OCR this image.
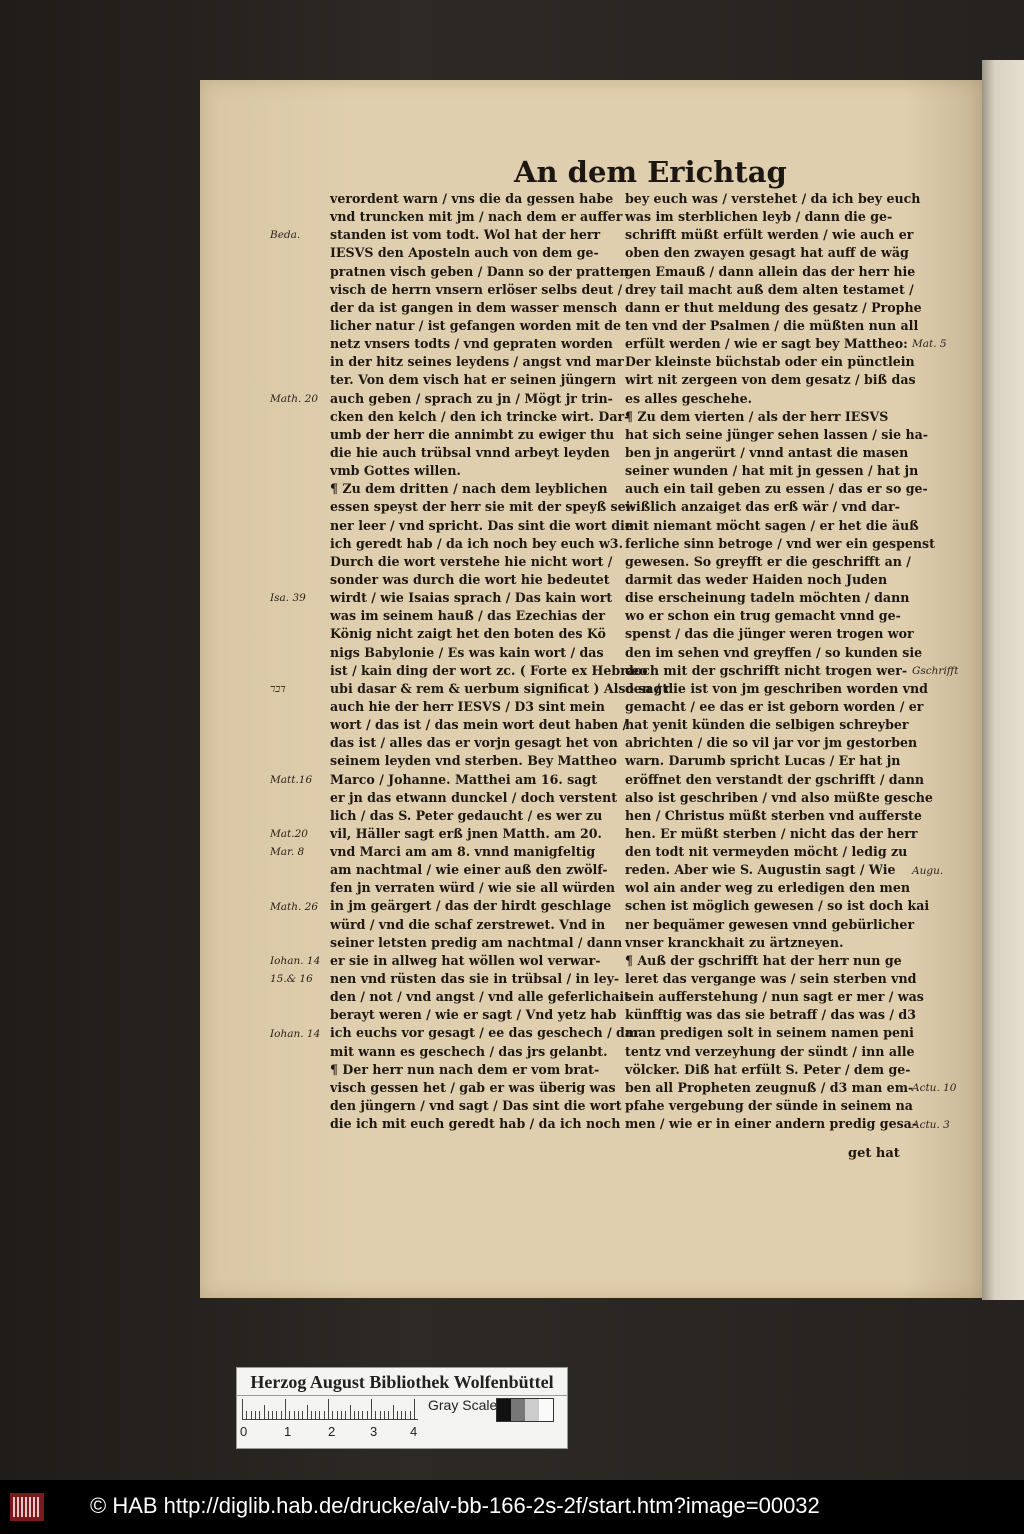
An dem Erichtag
verordent warn / vns die da gessen habe
vnd truncken mit jm / nach dem er auffer
standen ist vom todt. Wol hat der herr
IESVS den Aposteln auch von dem ge-
pratnen visch geben / Dann so der pratten
visch de herrn vnsern erlöser selbs deut /
der da ist gangen in dem wasser mensch
licher natur / ist gefangen worden mit de
netz vnsers todts / vnd gepraten worden
in der hitz seines leydens / angst vnd mar
ter. Von dem visch hat er seinen jüngern
auch geben / sprach zu jn / Mögt jr trin-
cken den kelch / den ich trincke wirt. Dar-
umb der herr die annimbt zu ewiger thu
die hie auch trübsal vnnd arbeyt leyden
vmb Gottes willen.
¶ Zu dem dritten / nach dem leyblichen
essen speyst der herr sie mit der speyß sei-
ner leer / vnd spricht. Das sint die wort die
ich geredt hab / da ich noch bey euch w3.
Durch die wort verstehe hie nicht wort /
sonder was durch die wort hie bedeutet
wirdt / wie Isaias sprach / Das kain wort
was im seinem hauß / das Ezechias der
König nicht zaigt het den boten des Kö
nigs Babylonie / Es was kain wort / das
ist / kain ding der wort zc. ( Forte ex Hebræo
ubi dasar & rem & uerbum significat ) Also sagt
auch hie der herr IESVS / D3 sint mein
wort / das ist / das mein wort deut haben /
das ist / alles das er vorjn gesagt het von
seinem leyden vnd sterben. Bey Mattheo
Marco / Johanne. Matthei am 16. sagt
er jn das etwann dunckel / doch verstent
lich / das S. Peter gedaucht / es wer zu
vil, Häller sagt erß jnen Matth. am 20.
vnd Marci am am 8. vnnd manigfeltig
am nachtmal / wie einer auß den zwölf-
fen jn verraten würd / wie sie all würden
in jm geärgert / das der hirdt geschlage
würd / vnd die schaf zerstrewet. Vnd in
seiner letsten predig am nachtmal / dann
er sie in allweg hat wöllen wol verwar-
nen vnd rüsten das sie in trübsal / in ley-
den / not / vnd angst / vnd alle geferlichait
berayt weren / wie er sagt / Vnd yetz hab
ich euchs vor gesagt / ee das geschech / dar
mit wann es geschech / das jrs gelanbt.
¶ Der herr nun nach dem er vom brat-
visch gessen het / gab er was überig was
den jüngern / vnd sagt / Das sint die wort
die ich mit euch geredt hab / da ich noch
bey euch was / verstehet / da ich bey euch
was im sterblichen leyb / dann die ge-
schrifft müßt erfült werden / wie auch er
oben den zwayen gesagt hat auff de wäg
gen Emauß / dann allein das der herr hie
drey tail macht auß dem alten testamet /
dann er thut meldung des gesatz / Prophe
ten vnd der Psalmen / die müßten nun all
erfült werden / wie er sagt bey Mattheo:
Der kleinste büchstab oder ein pünctlein
wirt nit zergeen von dem gesatz / biß das
es alles geschehe.
¶ Zu dem vierten / als der herr IESVS
hat sich seine jünger sehen lassen / sie ha-
ben jn angerürt / vnnd antast die masen
seiner wunden / hat mit jn gessen / hat jn
auch ein tail geben zu essen / das er so ge-
wißlich anzaiget das erß wär / vnd dar-
mit niemant möcht sagen / er het die äuß
ferliche sinn betroge / vnd wer ein gespenst
gewesen. So greyfft er die geschrifft an /
darmit das weder Haiden noch Juden
dise erscheinung tadeln möchten / dann
wo er schon ein trug gemacht vnnd ge-
spenst / das die jünger weren trogen wor
den im sehen vnd greyffen / so kunden sie
doch mit der gschrifft nicht trogen wer-
den / die ist von jm geschriben worden vnd
gemacht / ee das er ist geborn worden / er
hat yenit künden die selbigen schreyber
abrichten / die so vil jar vor jm gestorben
warn. Darumb spricht Lucas / Er hat jn
eröffnet den verstandt der gschrifft / dann
also ist geschriben / vnd also müßte gesche
hen / Christus müßt sterben vnd aufferste
hen. Er müßt sterben / nicht das der herr
den todt nit vermeyden möcht / ledig zu
reden. Aber wie S. Augustin sagt / Wie
wol ain ander weg zu erledigen den men
schen ist möglich gewesen / so ist doch kai
ner bequämer gewesen vnnd gebürlicher
vnser kranckhait zu ärtzneyen.
¶ Auß der gschrifft hat der herr nun ge
leret das vergange was / sein sterben vnd
sein aufferstehung / nun sagt er mer / was
künfftig was das sie betraff / das was / d3
man predigen solt in seinem namen peni
tentz vnd verzeyhung der sündt / inn alle
völcker. Diß hat erfült S. Peter / dem ge-
ben all Propheten zeugnuß / d3 man em-
pfahe vergebung der sünde in seinem na
men / wie er in einer andern predig gesa-
Beda.
Math. 20
Isa. 39
דבר
Matt.16
Mat.20
Mar. 8
Math. 26
Iohan. 14
15.& 16
Iohan. 14
Mat. 5
Gschrifft
Augu.
Actu. 10
Actu. 3
get hat
Herzog August Bibliothek Wolfenbüttel
0	1	2	3	4
Gray Scale
© HAB http://diglib.hab.de/drucke/alv-bb-166-2s-2f/start.htm?image=00032
